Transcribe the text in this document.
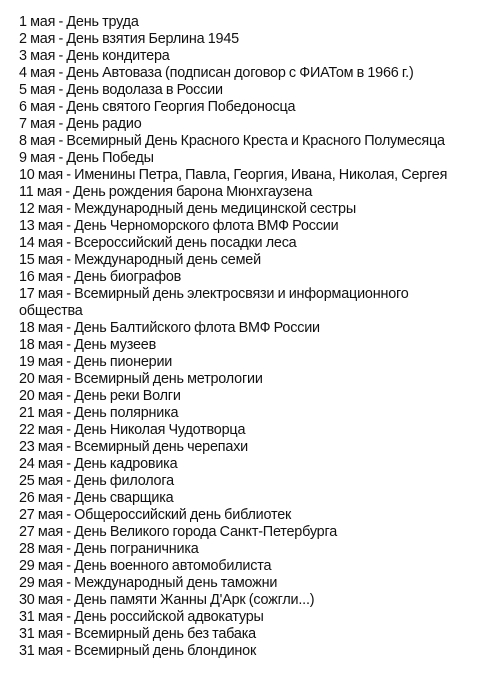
1 мая - День труда
2 мая - День взятия Берлина 1945
3 мая - День кондитера
4 мая - День Автоваза (подписан договор с ФИАТом в 1966 г.)
5 мая - День водолаза в России
6 мая - День святого Георгия Победоносца
7 мая - День радио
8 мая - Всемирный День Красного Креста и Красного Полумесяца
9 мая - День Победы
10 мая - Именины Петра, Павла, Георгия, Ивана, Николая, Сергея
11 мая - День рождения барона Мюнхгаузена
12 мая - Международный день медицинской сестры
13 мая - День Черноморского флота ВМФ России
14 мая - Всероссийский день посадки леса
15 мая - Международный день семей
16 мая - День биографов
17 мая - Всемирный день электросвязи и информационного общества
18 мая - День Балтийского флота ВМФ России
18 мая - День музеев
19 мая - День пионерии
20 мая - Всемирный день метрологии
20 мая - День реки Волги
21 мая - День полярника
22 мая - День Николая Чудотворца
23 мая - Всемирный день черепахи
24 мая - День кадровика
25 мая - День филолога
26 мая - День сварщика
27 мая - Общероссийский день библиотек
27 мая - День Великого города Санкт-Петербурга
28 мая - День пограничника
29 мая - День военного автомобилиста
29 мая - Международный день таможни
30 мая - День памяти Жанны Д'Арк (сожгли...)
31 мая - День российской адвокатуры
31 мая - Всемирный день без табака
31 мая - Всемирный день блондинок
